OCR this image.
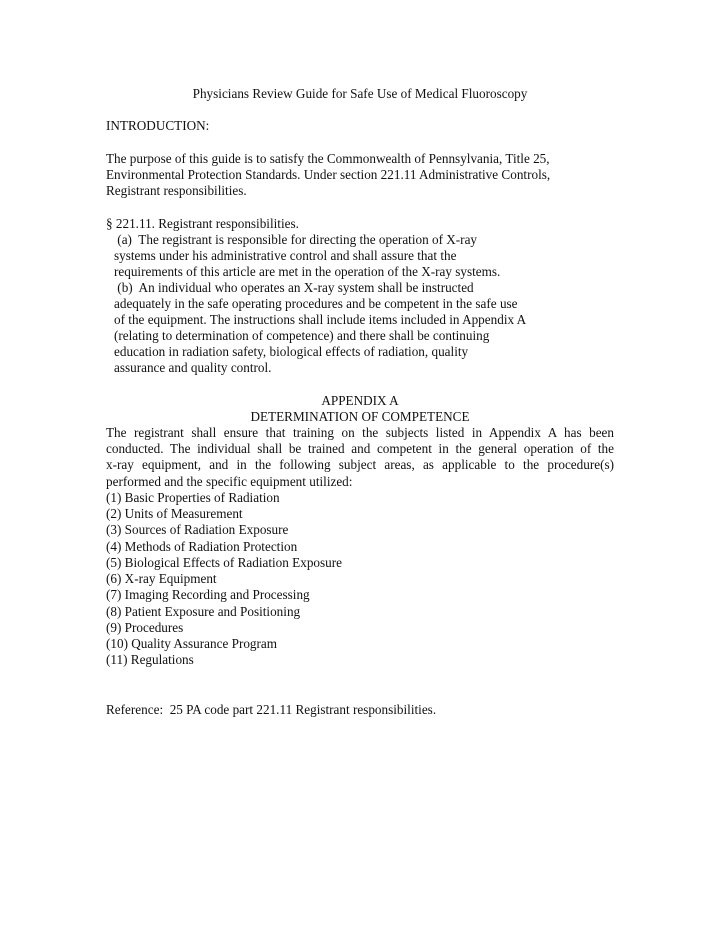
Physicians Review Guide for Safe Use of Medical Fluoroscopy
INTRODUCTION:
The purpose of this guide is to satisfy the Commonwealth of Pennsylvania, Title 25,
Environmental Protection Standards. Under section 221.11 Administrative Controls,
Registrant responsibilities.
§ 221.11. Registrant responsibilities.
(a)  The registrant is responsible for directing the operation of X-ray
systems under his administrative control and shall assure that the
requirements of this article are met in the operation of the X-ray systems.
(b)  An individual who operates an X-ray system shall be instructed
adequately in the safe operating procedures and be competent in the safe use
of the equipment. The instructions shall include items included in Appendix A
(relating to determination of competence) and there shall be continuing
education in radiation safety, biological effects of radiation, quality
assurance and quality control.
APPENDIX A
DETERMINATION OF COMPETENCE
The registrant shall ensure that training on the subjects listed in Appendix A has been
conducted. The individual shall be trained and competent in the general operation of the
x-ray equipment, and in the following subject areas, as applicable to the procedure(s)
performed and the specific equipment utilized:
(1) Basic Properties of Radiation
(2) Units of Measurement
(3) Sources of Radiation Exposure
(4) Methods of Radiation Protection
(5) Biological Effects of Radiation Exposure
(6) X-ray Equipment
(7) Imaging Recording and Processing
(8) Patient Exposure and Positioning
(9) Procedures
(10) Quality Assurance Program
(11) Regulations
Reference:  25 PA code part 221.11 Registrant responsibilities.
